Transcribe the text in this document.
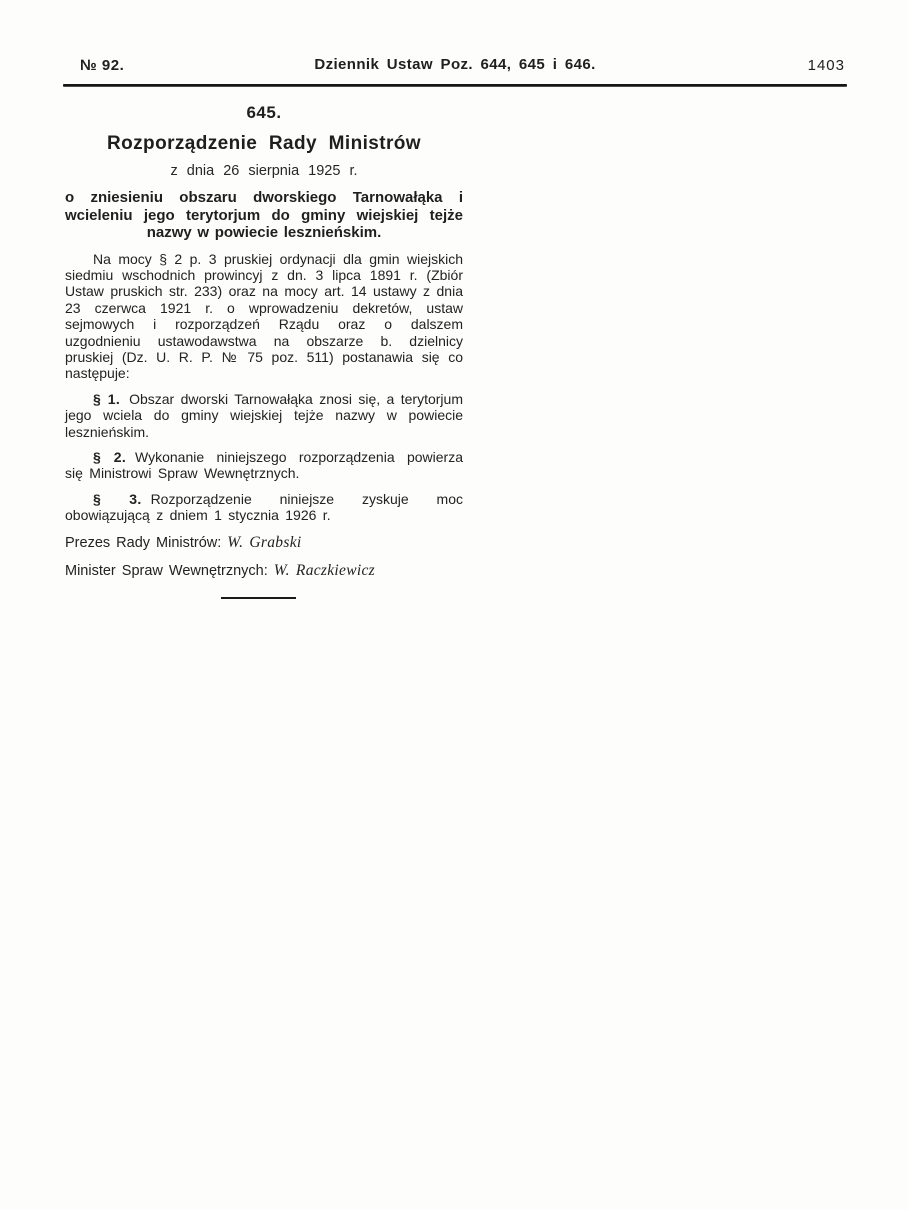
№ 92.	Dziennik Ustaw Poz. 644, 645 i 646.	1403
645.
Rozporządzenie Rady Ministrów
z dnia 26 sierpnia 1925 r.

o zniesieniu obszaru dworskiego Tarnowałąka i wcieleniu jego terytorjum do gminy wiejskiej tejże nazwy w powiecie lesznieńskim.

Na mocy § 2 p. 3 pruskiej ordynacji dla gmin wiejskich siedmiu wschodnich prowincyj z dn. 3 lipca 1891 r. (Zbiór Ustaw pruskich str. 233) oraz na mocy art. 14 ustawy z dnia 23 czerwca 1921 r. o wprowadzeniu dekretów, ustaw sejmowych i rozporządzeń Rządu oraz o dalszem uzgodnieniu ustawodawstwa na obszarze b. dzielnicy pruskiej (Dz. U. R. P. № 75 poz. 511) postanawia się co następuje:

§ 1. Obszar dworski Tarnowałąka znosi się, a terytorjum jego wciela do gminy wiejskiej tejże nazwy w powiecie lesznieńskim.

§ 2. Wykonanie niniejszego rozporządzenia powierza się Ministrowi Spraw Wewnętrznych.

§ 3. Rozporządzenie niniejsze zyskuje moc obowiązującą z dniem 1 stycznia 1926 r.

Prezes Rady Ministrów: W. Grabski

Minister Spraw Wewnętrznych: W. Raczkiewicz
